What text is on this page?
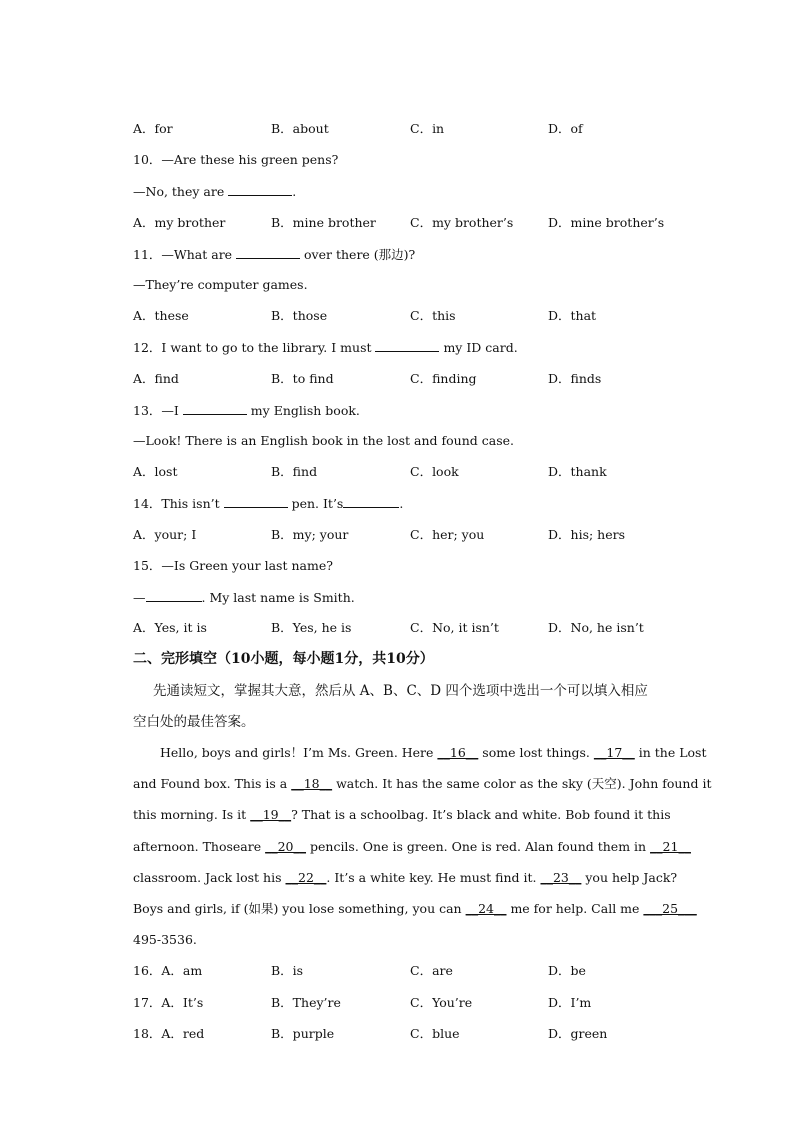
A．for	B．about	C．in	D．of
10．—Are these his green pens?
—No, they are	.
A．my brother	B．mine brother	C．my brother’s	D．mine brother’s
11．—What are	over there (那边)?
—They’re computer games.
A．these	B．those	C．this	D．that
12．I want to go to the library. I must	my ID card.
A．find	B．to find	C．finding	D．finds
13．—I	my English book.
—Look! There is an English book in the lost and found case.
A．lost	B．find	C．look	D．thank
14．This isn’t	pen. It’s	.
A．your; I	B．my; your	C．her; you	D．his; hers
15．—Is Green your last name?
—	. My last name is Smith.
A．Yes, it is	B．Yes, he is	C．No, it isn’t	D．No, he isn’t
二、完形填空（10小题，每小题1分，共10分）
先通读短文，掌握其大意，然后从 A、B、C、D 四个选项中选出一个可以填入相应
空白处的最佳答案。
Hello, boys and girls！I’m Ms. Green. Here __16__ some lost things. __17__ in the Lost
and Found box. This is a __18__ watch. It has the same color as the sky (天空). John found it
this morning. Is it __19__? That is a schoolbag. It’s black and white. Bob found it this
afternoon. Thoseare __20__ pencils. One is green. One is red. Alan found them in __21__
classroom. Jack lost his __22__. It’s a white key. He must find it. __23__ you help Jack?
Boys and girls, if (如果) you lose something, you can __24__ me for help. Call me ___25___
495-3536.
16．A．am	B．is	C．are	D．be
17．A．It’s	B．They’re	C．You’re	D．I’m
18．A．red	B．purple	C．blue	D．green
